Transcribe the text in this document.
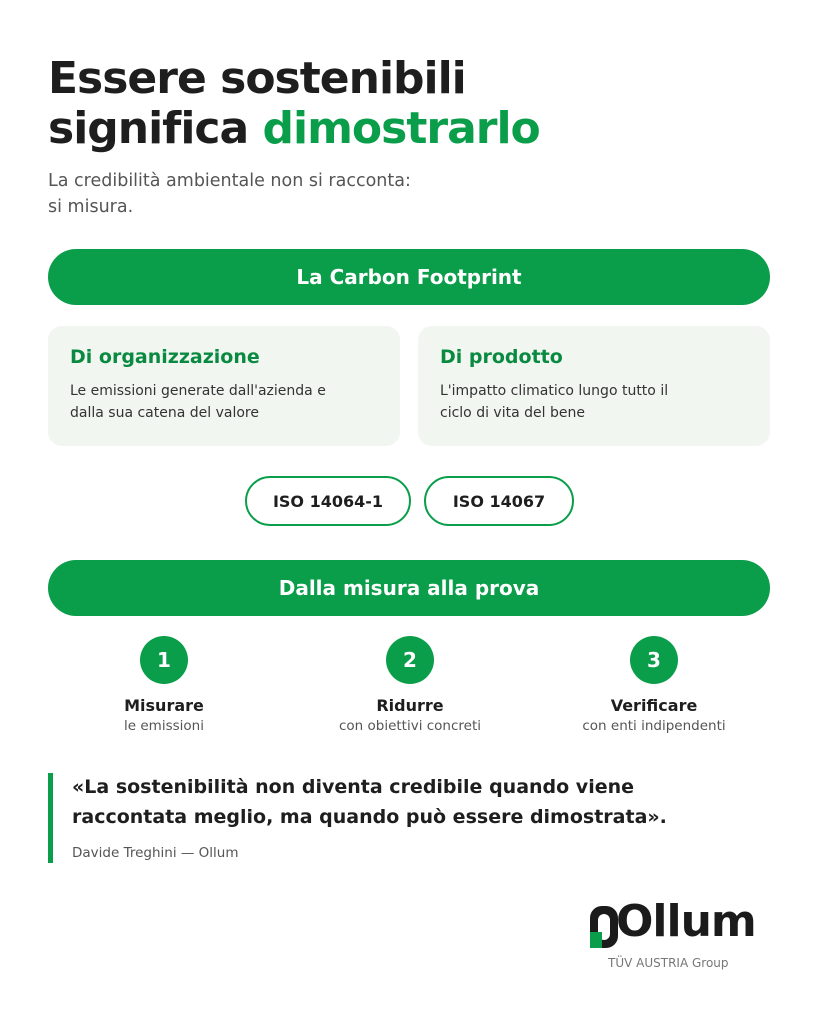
Essere sostenibili
significa dimostrarlo

La credibilità ambientale non si racconta:
si misura.

La Carbon Footprint
Di organizzazione
Le emissioni generate dall'azienda e
dalla sua catena del valore
Di prodotto
L'impatto climatico lungo tutto il
ciclo di vita del bene
ISO 14064-1	ISO 14067
Dalla misura alla prova
1
Misurare
le emissioni
2
Ridurre
con obiettivi concreti
3
Verificare
con enti indipendenti

«La sostenibilità non diventa credibile quando viene
raccontata meglio, ma quando può essere dimostrata».

Davide Treghini — Ollum
Ollum
TÜV AUSTRIA Group
